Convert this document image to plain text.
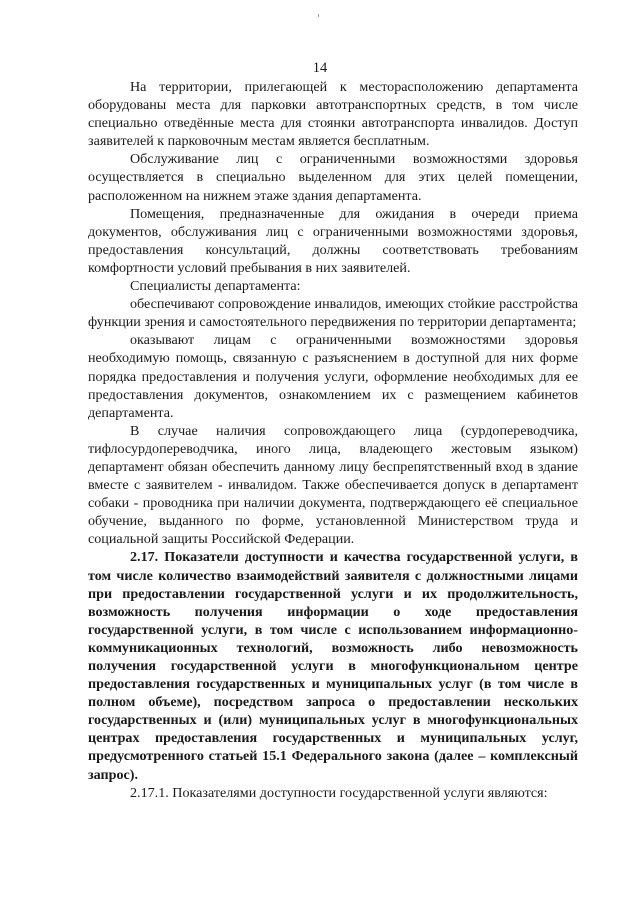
14

На территории, прилегающей к месторасположению департамента оборудованы места для парковки автотранспортных средств, в том числе специально отведённые места для стоянки автотранспорта инвалидов. Доступ заявителей к парковочным местам является бесплатным.

Обслуживание лиц с ограниченными возможностями здоровья осуществляется в специально выделенном для этих целей помещении, расположенном на нижнем этаже здания департамента.

Помещения, предназначенные для ожидания в очереди приема документов, обслуживания лиц с ограниченными возможностями здоровья, предоставления консультаций, должны соответствовать требованиям комфортности условий пребывания в них заявителей.

Специалисты департамента:

обеспечивают сопровождение инвалидов, имеющих стойкие расстройства функции зрения и самостоятельного передвижения по территории департамента;

оказывают лицам с ограниченными возможностями здоровья необходимую помощь, связанную с разъяснением в доступной для них форме порядка предоставления и получения услуги, оформление необходимых для ее предоставления документов, ознакомлением их с размещением кабинетов департамента.

В случае наличия сопровождающего лица (сурдопереводчика, тифлосурдопереводчика, иного лица, владеющего жестовым языком) департамент обязан обеспечить данному лицу беспрепятственный вход в здание вместе с заявителем - инвалидом. Также обеспечивается допуск в департамент собаки - проводника при наличии документа, подтверждающего её специальное обучение, выданного по форме, установленной Министерством труда и социальной защиты Российской Федерации.

2.17. Показатели доступности и качества государственной услуги, в том числе количество взаимодействий заявителя с должностными лицами при предоставлении государственной услуги и их продолжительность, возможность получения информации о ходе предоставления государственной услуги, в том числе с использованием информационно-коммуникационных технологий, возможность либо невозможность получения государственной услуги в многофункциональном центре предоставления государственных и муниципальных услуг (в том числе в полном объеме), посредством запроса о предоставлении нескольких государственных и (или) муниципальных услуг в многофункциональных центрах предоставления государственных и муниципальных услуг, предусмотренного статьей 15.1 Федерального закона (далее – комплексный запрос).

2.17.1. Показателями доступности государственной услуги являются:
